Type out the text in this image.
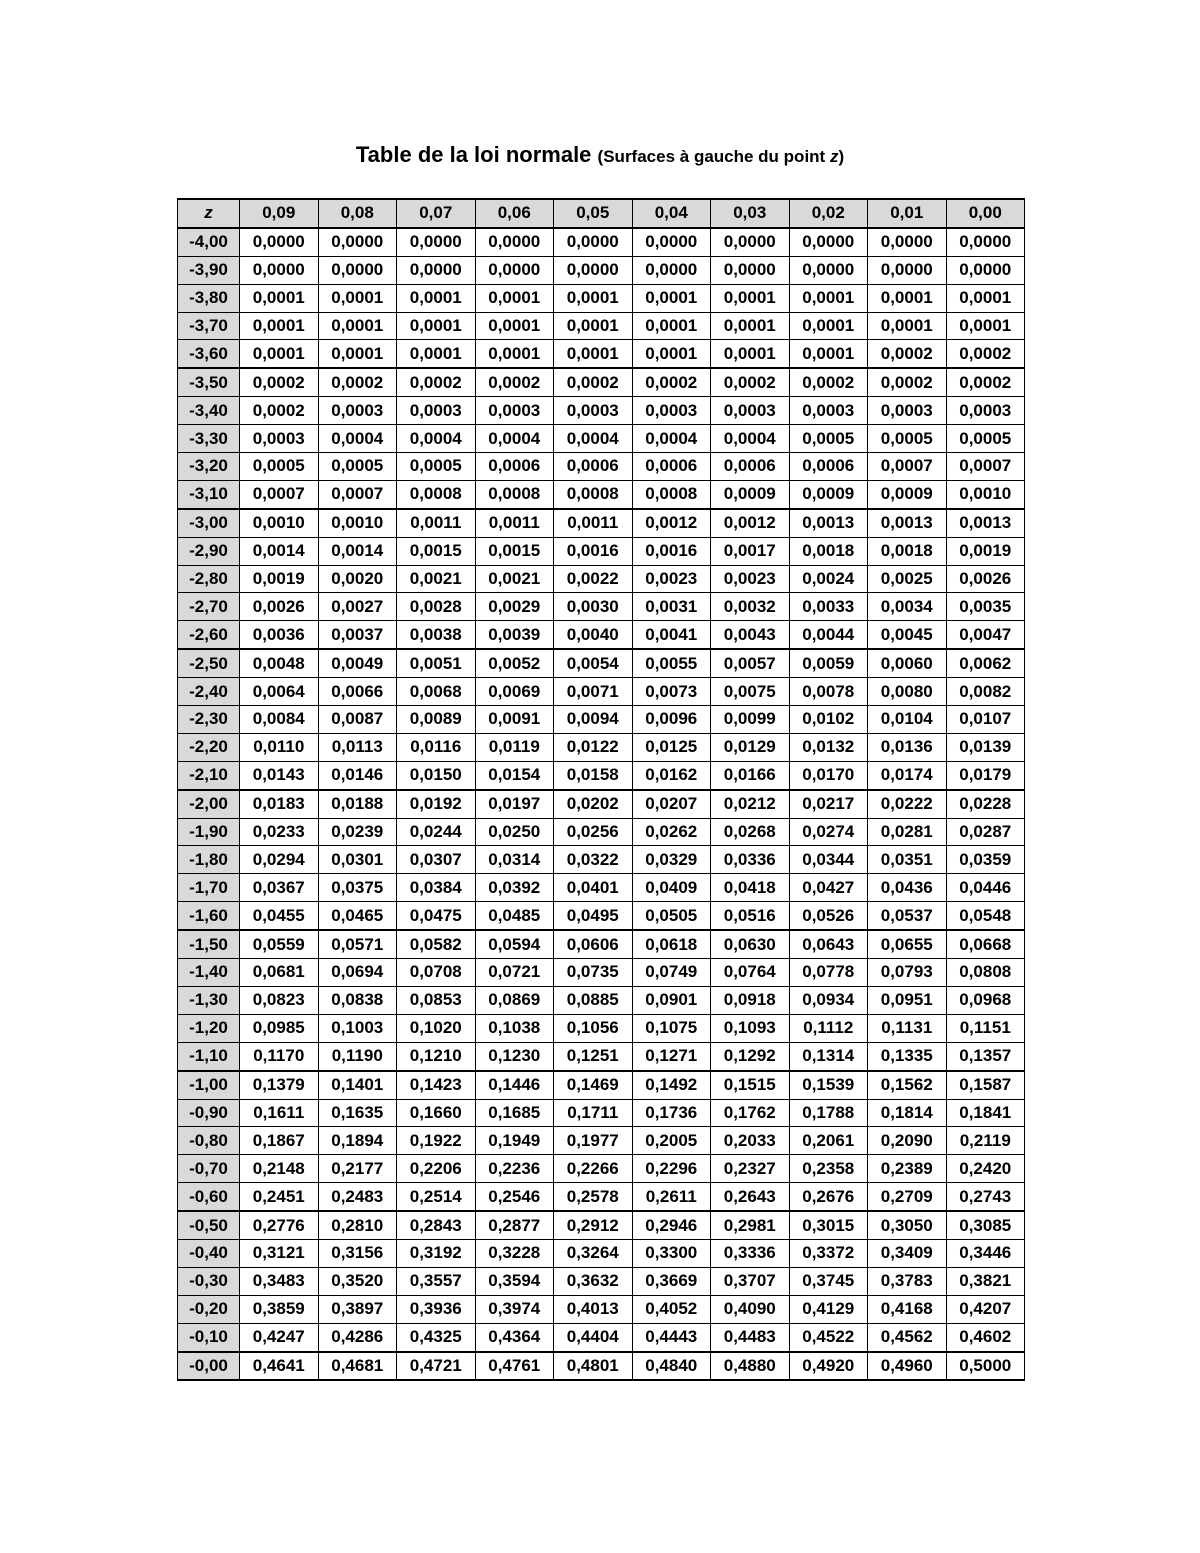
Table de la loi normale (Surfaces à gauche du point z)
z	0,09	0,08	0,07	0,06	0,05	0,04	0,03	0,02	0,01	0,00
-4,00	0,0000	0,0000	0,0000	0,0000	0,0000	0,0000	0,0000	0,0000	0,0000	0,0000
-3,90	0,0000	0,0000	0,0000	0,0000	0,0000	0,0000	0,0000	0,0000	0,0000	0,0000
-3,80	0,0001	0,0001	0,0001	0,0001	0,0001	0,0001	0,0001	0,0001	0,0001	0,0001
-3,70	0,0001	0,0001	0,0001	0,0001	0,0001	0,0001	0,0001	0,0001	0,0001	0,0001
-3,60	0,0001	0,0001	0,0001	0,0001	0,0001	0,0001	0,0001	0,0001	0,0002	0,0002
-3,50	0,0002	0,0002	0,0002	0,0002	0,0002	0,0002	0,0002	0,0002	0,0002	0,0002
-3,40	0,0002	0,0003	0,0003	0,0003	0,0003	0,0003	0,0003	0,0003	0,0003	0,0003
-3,30	0,0003	0,0004	0,0004	0,0004	0,0004	0,0004	0,0004	0,0005	0,0005	0,0005
-3,20	0,0005	0,0005	0,0005	0,0006	0,0006	0,0006	0,0006	0,0006	0,0007	0,0007
-3,10	0,0007	0,0007	0,0008	0,0008	0,0008	0,0008	0,0009	0,0009	0,0009	0,0010
-3,00	0,0010	0,0010	0,0011	0,0011	0,0011	0,0012	0,0012	0,0013	0,0013	0,0013
-2,90	0,0014	0,0014	0,0015	0,0015	0,0016	0,0016	0,0017	0,0018	0,0018	0,0019
-2,80	0,0019	0,0020	0,0021	0,0021	0,0022	0,0023	0,0023	0,0024	0,0025	0,0026
-2,70	0,0026	0,0027	0,0028	0,0029	0,0030	0,0031	0,0032	0,0033	0,0034	0,0035
-2,60	0,0036	0,0037	0,0038	0,0039	0,0040	0,0041	0,0043	0,0044	0,0045	0,0047
-2,50	0,0048	0,0049	0,0051	0,0052	0,0054	0,0055	0,0057	0,0059	0,0060	0,0062
-2,40	0,0064	0,0066	0,0068	0,0069	0,0071	0,0073	0,0075	0,0078	0,0080	0,0082
-2,30	0,0084	0,0087	0,0089	0,0091	0,0094	0,0096	0,0099	0,0102	0,0104	0,0107
-2,20	0,0110	0,0113	0,0116	0,0119	0,0122	0,0125	0,0129	0,0132	0,0136	0,0139
-2,10	0,0143	0,0146	0,0150	0,0154	0,0158	0,0162	0,0166	0,0170	0,0174	0,0179
-2,00	0,0183	0,0188	0,0192	0,0197	0,0202	0,0207	0,0212	0,0217	0,0222	0,0228
-1,90	0,0233	0,0239	0,0244	0,0250	0,0256	0,0262	0,0268	0,0274	0,0281	0,0287
-1,80	0,0294	0,0301	0,0307	0,0314	0,0322	0,0329	0,0336	0,0344	0,0351	0,0359
-1,70	0,0367	0,0375	0,0384	0,0392	0,0401	0,0409	0,0418	0,0427	0,0436	0,0446
-1,60	0,0455	0,0465	0,0475	0,0485	0,0495	0,0505	0,0516	0,0526	0,0537	0,0548
-1,50	0,0559	0,0571	0,0582	0,0594	0,0606	0,0618	0,0630	0,0643	0,0655	0,0668
-1,40	0,0681	0,0694	0,0708	0,0721	0,0735	0,0749	0,0764	0,0778	0,0793	0,0808
-1,30	0,0823	0,0838	0,0853	0,0869	0,0885	0,0901	0,0918	0,0934	0,0951	0,0968
-1,20	0,0985	0,1003	0,1020	0,1038	0,1056	0,1075	0,1093	0,1112	0,1131	0,1151
-1,10	0,1170	0,1190	0,1210	0,1230	0,1251	0,1271	0,1292	0,1314	0,1335	0,1357
-1,00	0,1379	0,1401	0,1423	0,1446	0,1469	0,1492	0,1515	0,1539	0,1562	0,1587
-0,90	0,1611	0,1635	0,1660	0,1685	0,1711	0,1736	0,1762	0,1788	0,1814	0,1841
-0,80	0,1867	0,1894	0,1922	0,1949	0,1977	0,2005	0,2033	0,2061	0,2090	0,2119
-0,70	0,2148	0,2177	0,2206	0,2236	0,2266	0,2296	0,2327	0,2358	0,2389	0,2420
-0,60	0,2451	0,2483	0,2514	0,2546	0,2578	0,2611	0,2643	0,2676	0,2709	0,2743
-0,50	0,2776	0,2810	0,2843	0,2877	0,2912	0,2946	0,2981	0,3015	0,3050	0,3085
-0,40	0,3121	0,3156	0,3192	0,3228	0,3264	0,3300	0,3336	0,3372	0,3409	0,3446
-0,30	0,3483	0,3520	0,3557	0,3594	0,3632	0,3669	0,3707	0,3745	0,3783	0,3821
-0,20	0,3859	0,3897	0,3936	0,3974	0,4013	0,4052	0,4090	0,4129	0,4168	0,4207
-0,10	0,4247	0,4286	0,4325	0,4364	0,4404	0,4443	0,4483	0,4522	0,4562	0,4602
-0,00	0,4641	0,4681	0,4721	0,4761	0,4801	0,4840	0,4880	0,4920	0,4960	0,5000
